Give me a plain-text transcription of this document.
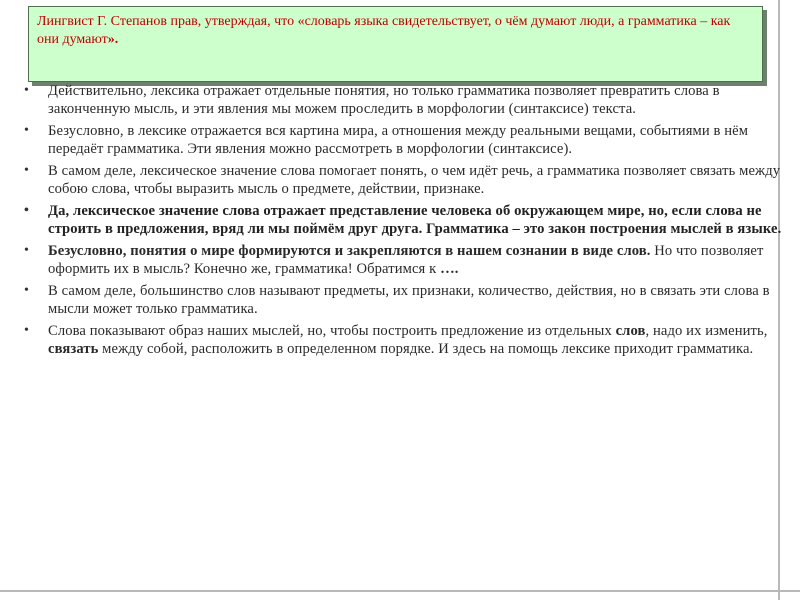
Лингвист Г. Степанов прав, утверждая, что «словарь языка свидетельствует, о чём думают люди, а грамматика – как они думают».
• Действительно, лексика отражает отдельные понятия, но только грамматика позволяет превратить слова в законченную мысль, и эти явления мы можем проследить в морфологии (синтаксисе) текста.
• Безусловно, в лексике отражается вся картина мира, а отношения между реальными вещами, событиями в нём передаёт грамматика. Эти явления можно рассмотреть в морфологии (синтаксисе).
• В самом деле, лексическое значение слова помогает понять, о чем идёт речь, а грамматика позволяет связать между собою слова, чтобы выразить мысль о предмете, действии, признаке.
• Да, лексическое значение слова отражает представление человека об окружающем мире, но, если слова не строить в предложения, вряд ли мы поймём друг друга. Грамматика – это закон построения мыслей в языке.
• Безусловно, понятия о мире формируются и закрепляются в нашем сознании в виде слов. Но что позволяет оформить их в мысль? Конечно же, грамматика! Обратимся к ….
• В самом деле, большинство слов называют предметы, их признаки, количество, действия, но в связать эти слова в мысли может только грамматика.
• Слова показывают образ наших мыслей, но, чтобы построить предложение из отдельных слов, надо их изменить, связать между собой, расположить в определенном порядке. И здесь на помощь лексике приходит грамматика.
